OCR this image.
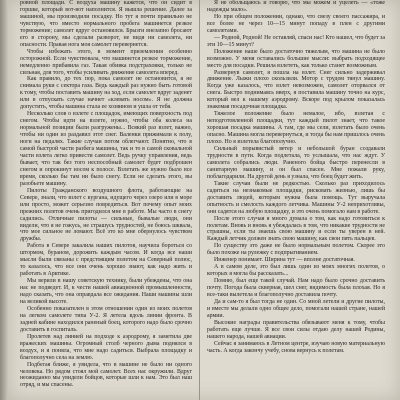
ровной площади. С воздуха машину кажется, что он сидит в горшке, который вот-вот наполнится. Я вышла решение. Далее за машиной, мы производили посадку. Но тут я почти правильно не чувствую, что вместо нормального пробега машинется резкое торможение; самолет вдруг остановился. Брызги внезапно бросают его в сторону, мы сделали разворот, не видя ни самолета, ни опасности. Правая нога моя самолет перевернется.

Чтобы избежать этого, в момент приземления особенно осторожной. Если чувствовала, что машинется резкое торможение, немедленно прибавила газ. Такая обивка подстраховки, только не сильная, для того, чтобы усиливать движение самолета вперед.

Как правило, до тех пор, пока самолет не остановится, я не снимала руки с сектора газа. Ведь каждый раз нужно быть готовой к тому, чтобы поставить машину на ход, если самолет вдруг заденет или в отпускать случае начнет «клевать носом». Я не должна допустить, чтобы машина стала ее хозяином и ушла от тебя.

Несколько слов о взлете с площадок, имеющих поверхность под снегом. Чтобы идти на взлете, нужно, чтобы оба колеса на нормальной позиции были разгружены... Всякий раз взлет, важно, чтобы ни один из раздавил этот снег. Валенки прижимали к полу, ноги на педалях. Такие случаи потом облегчают. Понятно, что в самой быстрой части разбега машины, так и то в самой сковальной части взлета легко привести самолет. Ведь ручку управления, ведь бывает, что так без того неспособный самолет будет подброшен снегом и опрокинут носом к полосе. Взлетать же нужно было все время, сколько бы там ни было снегу. Если не сделать этого, вы разобьете машину.

Пилоты Гражданского воздушного флота, работающие на Севере, знали, что взлет с кургана, идущего через озеро или в море или просто, может серьезно повредиться. Вот почему опыт моих прежних полетов очень пригодился мне в работе. Мы часто в снегу садились. Отличные пилоты — сильные, бывалые люди, они видели, что я не гожусь, не страшусь трудностей, не боюсь шквала, что мое сильное не ломают. Всё это ко мне обернулось чувством дружбы.

Работа в Севере закалила наших пилотов, научила бороться со штормом, бураном, дорожить каждым часом. И когда все наши мысли были связаны с предстоящим полетом на Северный полюс, то казалось, что все они очень хорошо знают, как надо жить и работать в Арктике.

Мы верили в нашу советскую технику, были убеждены, что она нас не подведет. И, к чести нашей авиационной промышленности, надо сказать, что она оправдала все ожидания. Наши машины шли на великой высоте.

Особенно показателен в этом отношении один из моих полетов на легком самолете типа У-2. Я летела вдоль линии фронта. В задней кабине находился раненый боец, которого надо было срочно доставить в госпиталь.

Пролетев над линией на подходе к аэродрому, я заметила две вражеских машины. Огромный столб черного дыма поднялся в воздух, и я поняла, что мне надо садиться. Выбрала площадку и благополучно села на землю.

Подбегая ближе, я увидела, что в машине не было ни одного человека. Но рядом стоял мой самолет. Всех нас окружили. Вдруг неожиданно мы увидели бойцов, которые шли к нам. Это был наш отряд, и мы спасены.

Я не обольщаюсь и говорю, что мы можем и уцелеть — «тоже надежды мало».

Но при общем положении, однако, что свезу своего пассажира, и все более не через 10—15 минут попаду в плен с другими самолетами.

— Родной, Родной! Не оставляй, спаси нас! Кто нашел, что будет за эти 10—15 минут?

Положение наше было достаточно тяжелым, что машина не было возможно. У меня оставались большие мысли: выбрать подходящее место для посадки. Решила взлететь, как только станет возможным.

Развернув самолет, я пошла на взлет. Снег сильно задерживал движение. Лыжи плохо скользили. Мотор с трудом тянул машину. Когда уже казалось, что взлет невозможен, самолет оторвался от снега. Быстро поднимаясь вверх, я поставила машину точно на курс, который вел к нашему аэродрому. Вскоре под крылом показалась знакомая посадочная площадка.

Тяжелое положение было немалое, ибо, взлетая с неподготовленной площадки, тут каждый пилот знает, что такое хорошая посадка машины. А там, где мы сели, взлетать было очень опасно. Машина могла перевернуться, и тогда бы нам пришлось очень плохо. Но я взлетела благополучно.

Сильный порывистый ветер и небольшой буран создавали трудности в пути. Когда подлетала, то услышала, что нас ждут. У самолета собрались люди. Раненого бойца быстро перенесли в санитарную машину, и он был спасен. Мне пожали руку, поблагодарили. На другой день я узнала, что боец будет жить.

Такие случаи были не редкостью. Сколько раз приходилось садиться на незнакомые площадки, рисковать жизнью, лишь бы доставить людей, которым нужна была помощь. Тут выручала опытность и смелость каждого летчика. Машины У-2 неприхотливы, они садятся на любую площадку, и это очень помогало нам в работе.

После этого случая я много думала о том, как надо готовиться к полетам. Вновь и вновь я убеждалась в том, что никакие трудности не страшны, если ты знаешь свою машину и если ты уверен в ней. Каждый летчик должен знать свою машину, как свои пять пальцев.

По существу это даже не было нормальным полетом. Скорее это было похоже на рулежку с подпрыгиванием.

Инженер понимает. Ширина тут — вполне достаточная.

А в самом деле, это был лишь один из моих многих полетов, о которых я могла бы рассказать...

Помню, был еще такой случай. Нам надо было срочно доставить почту. Погода была скверная, шел снег, видимость была плохая. Но я все-таки вылетела и благополучно доставила почту.

Да и сам-то я был тогда не один. Со мной летели и другие пилоты, и вместе мы делали одно общее дело, помогали нашей стране, нашей армии.

Высокие награды правительства обязывают меня к тому, чтобы работать еще лучше. Я все свои силы отдаю делу нашей Родины, нашего народа, нашей авиации.

Сейчас я занимаюсь в Летном центре, изучаю новую материальную часть. А когда закончу учебу, снова вернусь к полетам.
